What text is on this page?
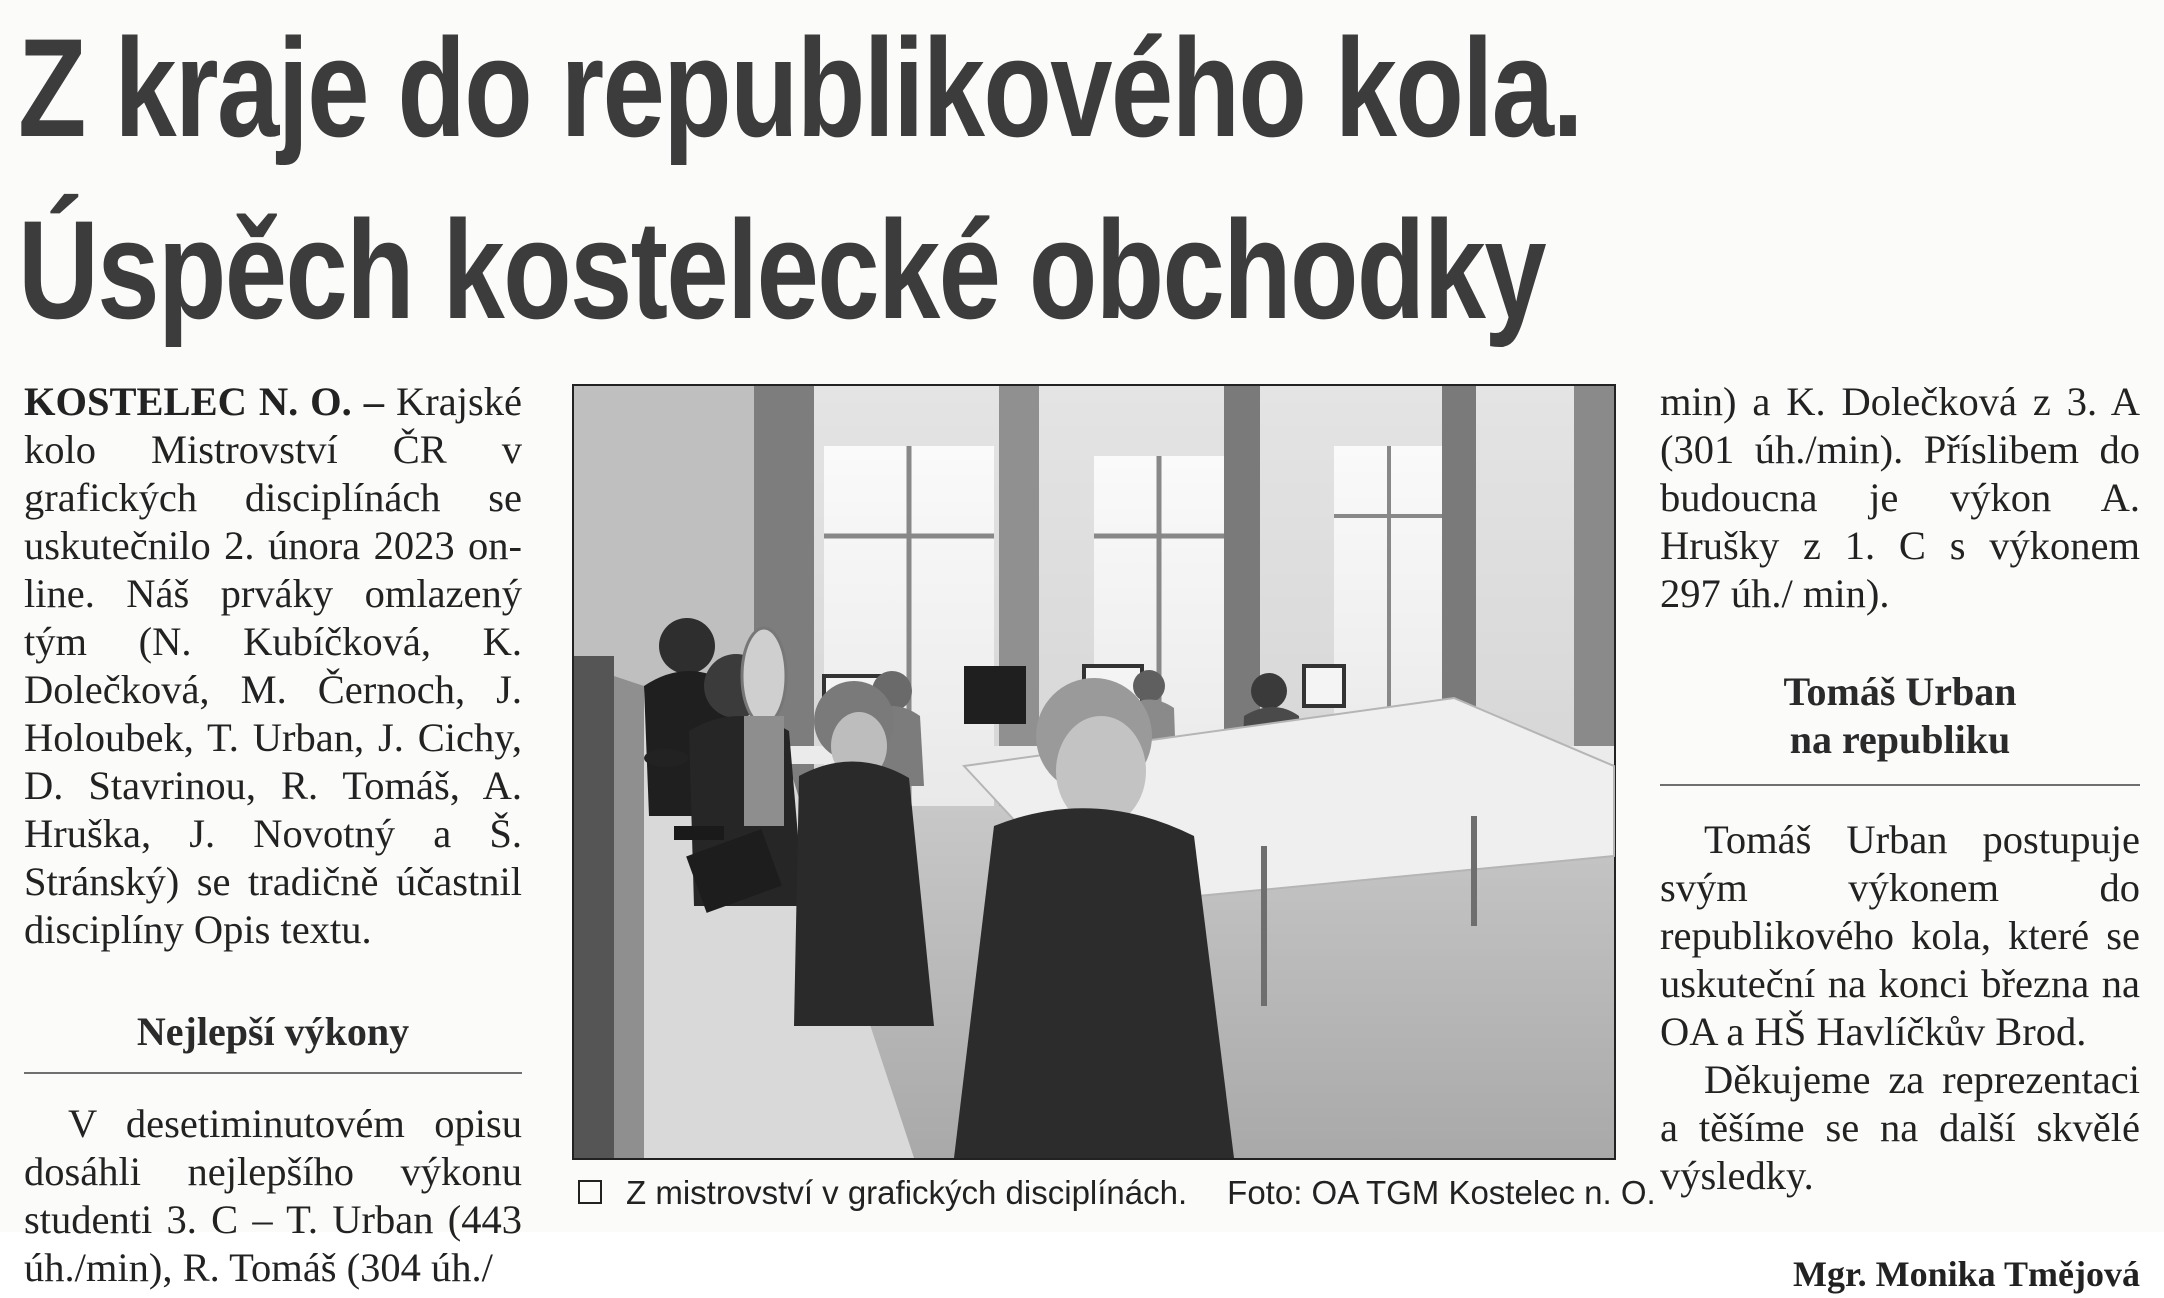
Z kraje do republikového kola.
Úspěch kostelecké obchodky

KOSTELEC N. O. – Krajské kolo Mistrovství ČR v grafických disciplínách se uskutečnilo 2. února 2023 on-line. Náš prváky omlazený tým (N. Kubíčková, K. Dolečková, M. Černoch, J. Holoubek, T. Urban, J. Cichy, D. Stavrinou, R. Tomáš, A. Hruška, J. Novotný a Š. Stránský) se tradičně účastnil disciplíny Opis textu.

Nejlepší výkony

V desetiminutovém opisu dosáhli nejlepšího výkonu studenti 3. C – T. Urban (443 úh./min), R. Tomáš (304 úh./

Z mistrovství v grafických disciplínách. Foto: OA TGM Kostelec n. O.

min) a K. Dolečková z 3. A (301 úh./min). Příslibem do budoucna je výkon A. Hrušky z 1. C s výkonem 297 úh./ min).

Tomáš Urban
na republiku

Tomáš Urban postupuje svým výkonem do republikového kola, které se uskuteční na konci března na OA a HŠ Havlíčkův Brod.

Děkujeme za reprezentaci a těšíme se na další skvělé výsledky.

Mgr. Monika Tmějová
